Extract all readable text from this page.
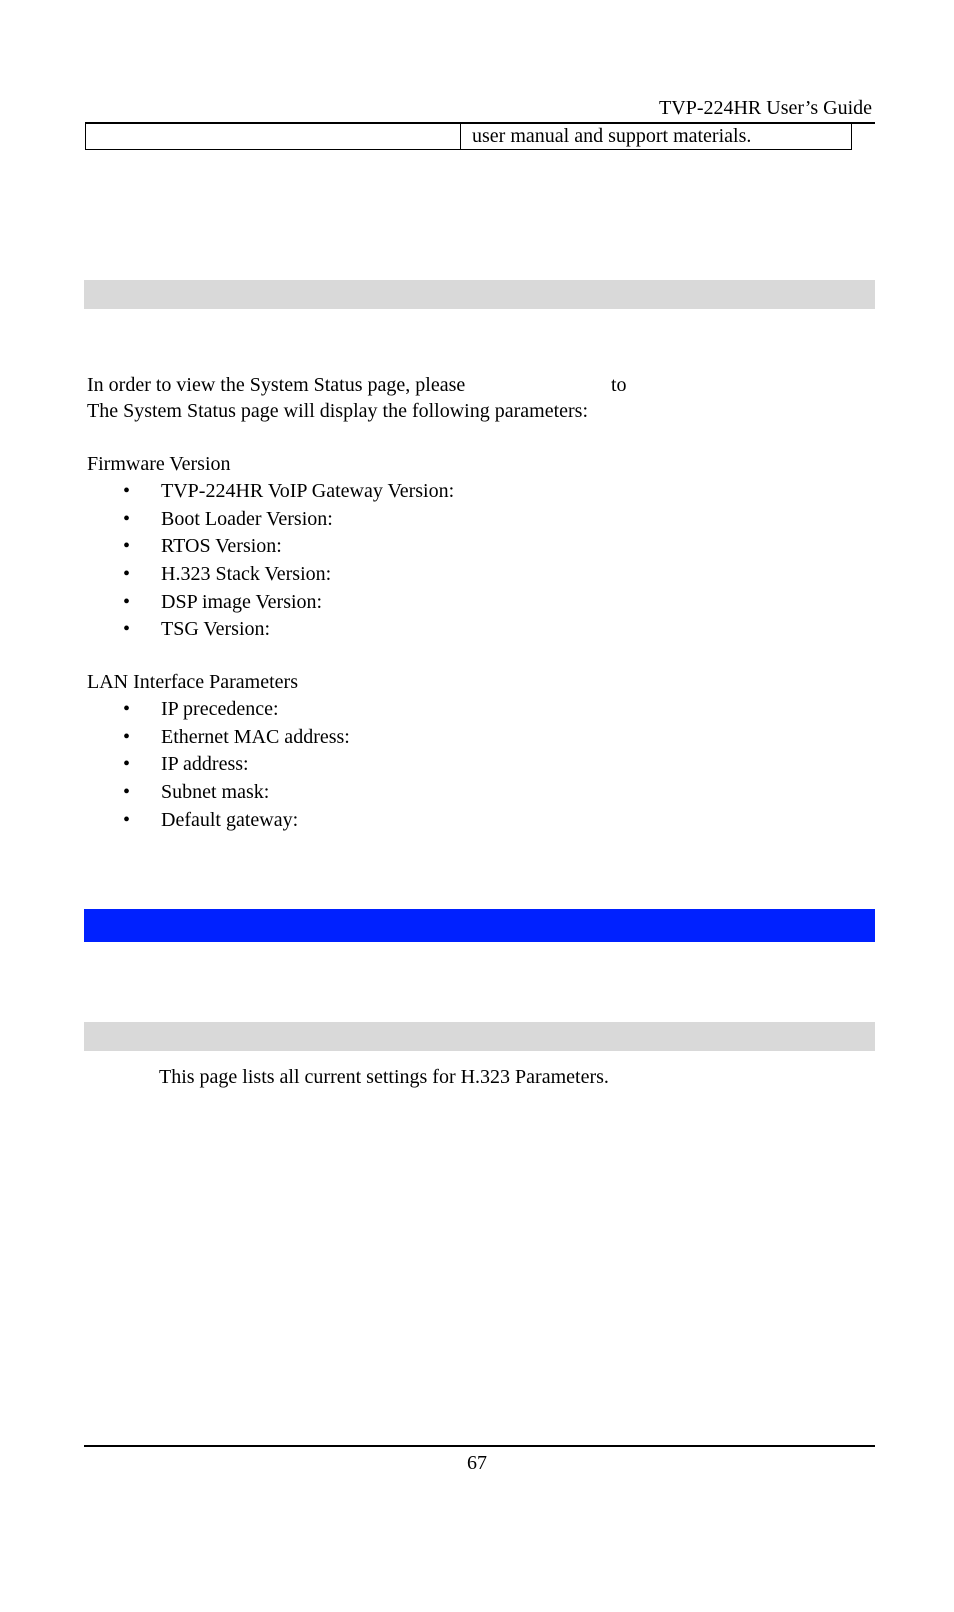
TVP-224HR User’s Guide
user manual and support materials.
In order to view the System Status page, please	to
The System Status page will display the following parameters:
Firmware Version
• TVP-224HR VoIP Gateway Version:
• Boot Loader Version:
• RTOS Version:
• H.323 Stack Version:
• DSP image Version:
• TSG Version:
LAN Interface Parameters
• IP precedence:
• Ethernet MAC address:
• IP address:
• Subnet mask:
• Default gateway:
This page lists all current settings for H.323 Parameters.
67
